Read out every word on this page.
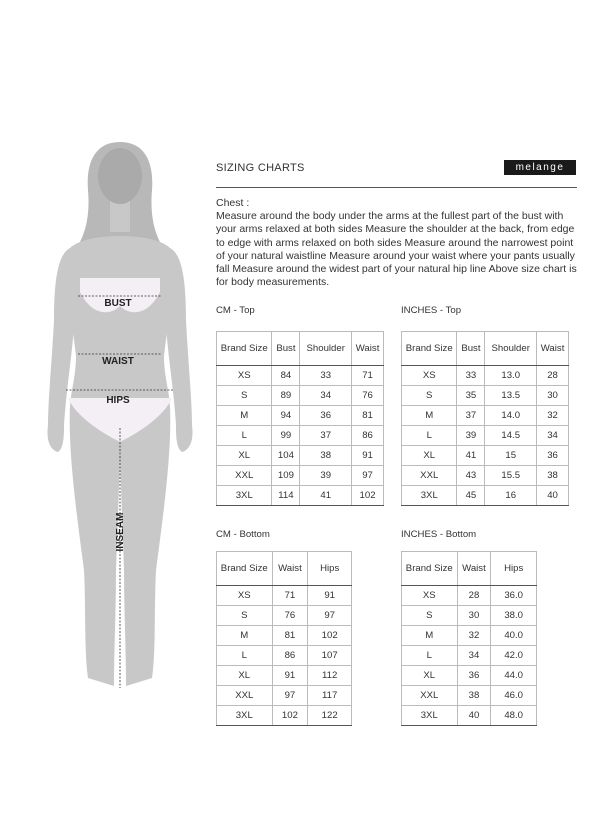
BUST
WAIST
HIPS
INSEAM
SIZING CHARTS	melange
Chest :
Measure around the body under the arms at the fullest part of the bust with your arms relaxed at both sides Measure the shoulder at the back, from edge to edge with arms relaxed on both sides Measure around the narrowest point of your natural waistline Measure around your waist where your pants usually fall Measure around the widest part of your natural hip line Above size chart is for body measurements.
CM - Top
Brand Size	Bust	Shoulder	Waist
XS	84	33	71
S	89	34	76
M	94	36	81
L	99	37	86
XL	104	38	91
XXL	109	39	97
3XL	114	41	102
INCHES - Top
Brand Size	Bust	Shoulder	Waist
XS	33	13.0	28
S	35	13.5	30
M	37	14.0	32
L	39	14.5	34
XL	41	15	36
XXL	43	15.5	38
3XL	45	16	40
CM - Bottom
Brand Size	Waist	Hips
XS	71	91
S	76	97
M	81	102
L	86	107
XL	91	112
XXL	97	117
3XL	102	122
INCHES - Bottom
Brand Size	Waist	Hips
XS	28	36.0
S	30	38.0
M	32	40.0
L	34	42.0
XL	36	44.0
XXL	38	46.0
3XL	40	48.0
